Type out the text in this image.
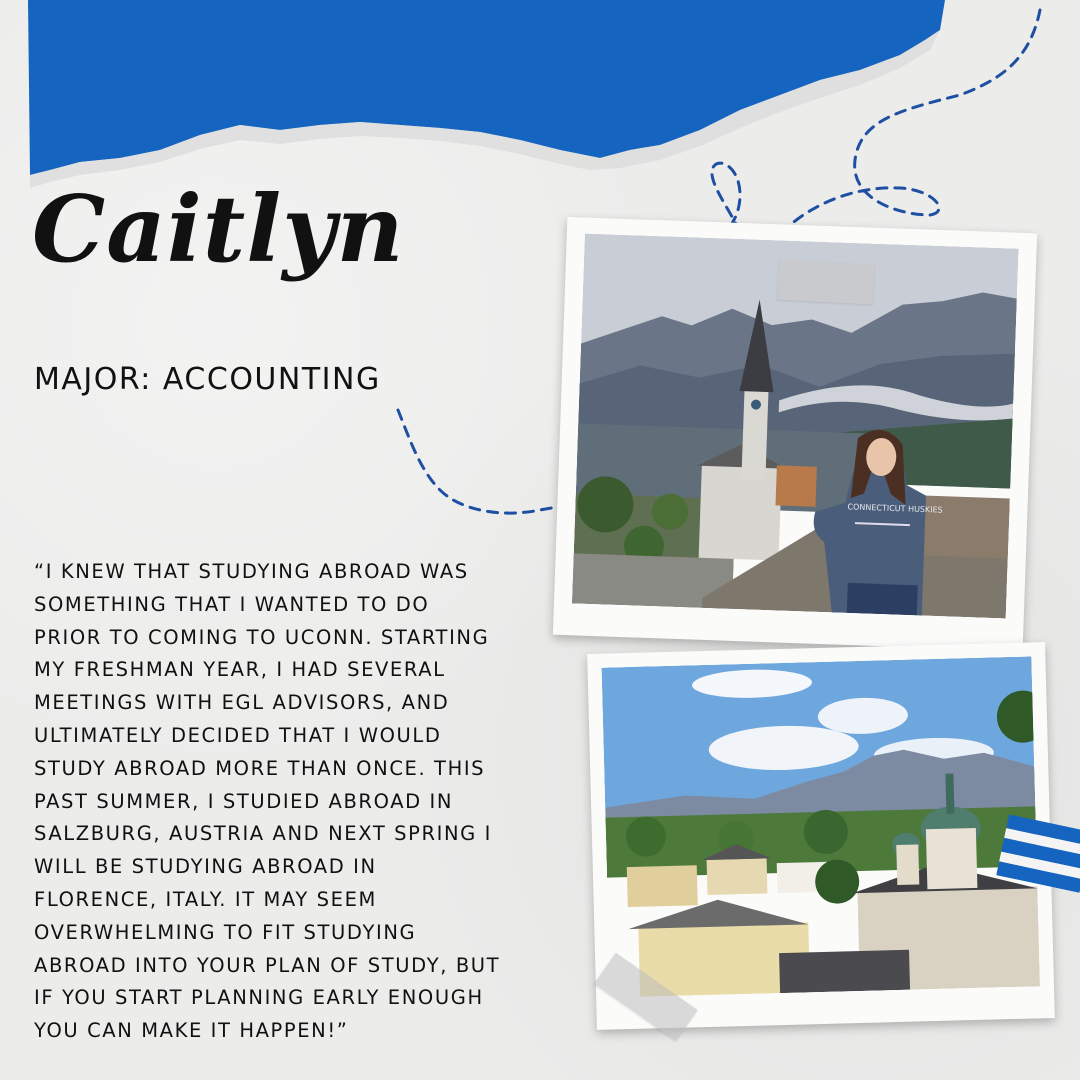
Caitlyn

MAJOR: ACCOUNTING

“I KNEW THAT STUDYING ABROAD WAS SOMETHING THAT I WANTED TO DO PRIOR TO COMING TO UCONN. STARTING MY FRESHMAN YEAR, I HAD SEVERAL MEETINGS WITH EGL ADVISORS, AND ULTIMATELY DECIDED THAT I WOULD STUDY ABROAD MORE THAN ONCE. THIS PAST SUMMER, I STUDIED ABROAD IN SALZBURG, AUSTRIA AND NEXT SPRING I WILL BE STUDYING ABROAD IN FLORENCE, ITALY. IT MAY SEEM OVERWHELMING TO FIT STUDYING ABROAD INTO YOUR PLAN OF STUDY, BUT IF YOU START PLANNING EARLY ENOUGH YOU CAN MAKE IT HAPPEN!”

CONNECTICUT HUSKIES
